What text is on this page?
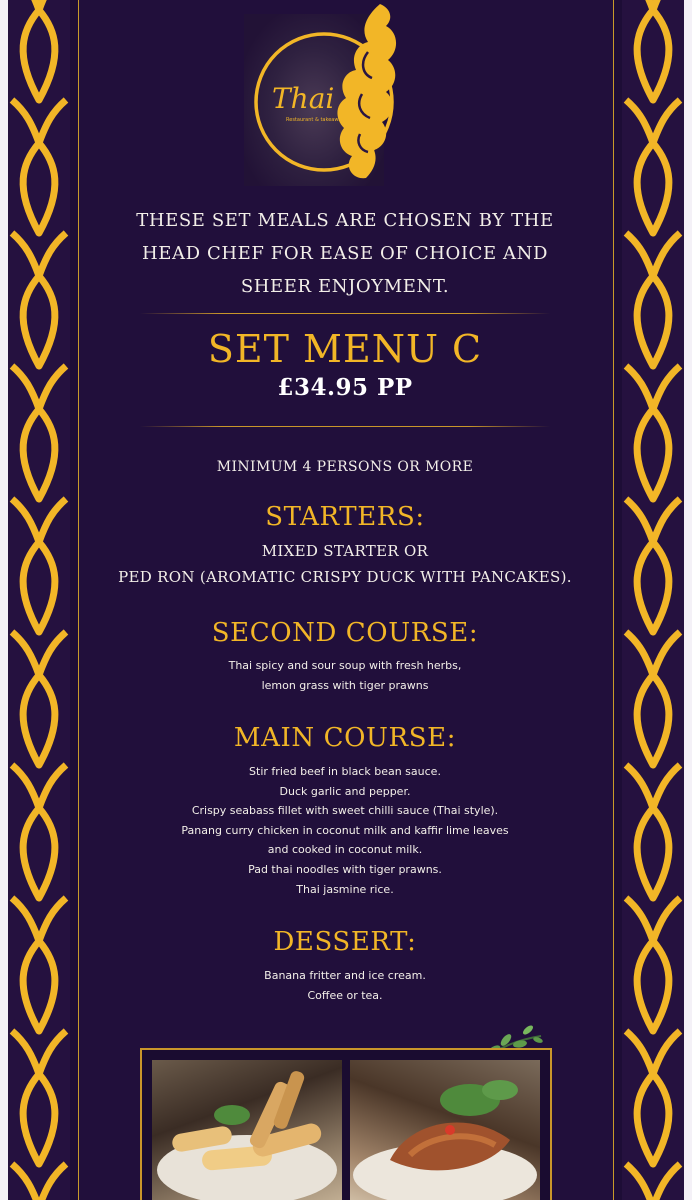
Thai
Restaurant & takeaway
THESE SET MEALS ARE CHOSEN BY THE
HEAD CHEF FOR EASE OF CHOICE AND
SHEER ENJOYMENT.
SET MENU C
£34.95 PP
MINIMUM 4 PERSONS OR MORE
STARTERS:
MIXED STARTER OR
PED RON (AROMATIC CRISPY DUCK WITH PANCAKES).
SECOND COURSE:
Thai spicy and sour soup with fresh herbs,
lemon grass with tiger prawns
MAIN COURSE:
Stir fried beef in black bean sauce.
Duck garlic and pepper.
Crispy seabass fillet with sweet chilli sauce (Thai style).
Panang curry chicken in coconut milk and kaffir lime leaves
and cooked in coconut milk.
Pad thai noodles with tiger prawns.
Thai jasmine rice.
DESSERT:
Banana fritter and ice cream.
Coffee or tea.
